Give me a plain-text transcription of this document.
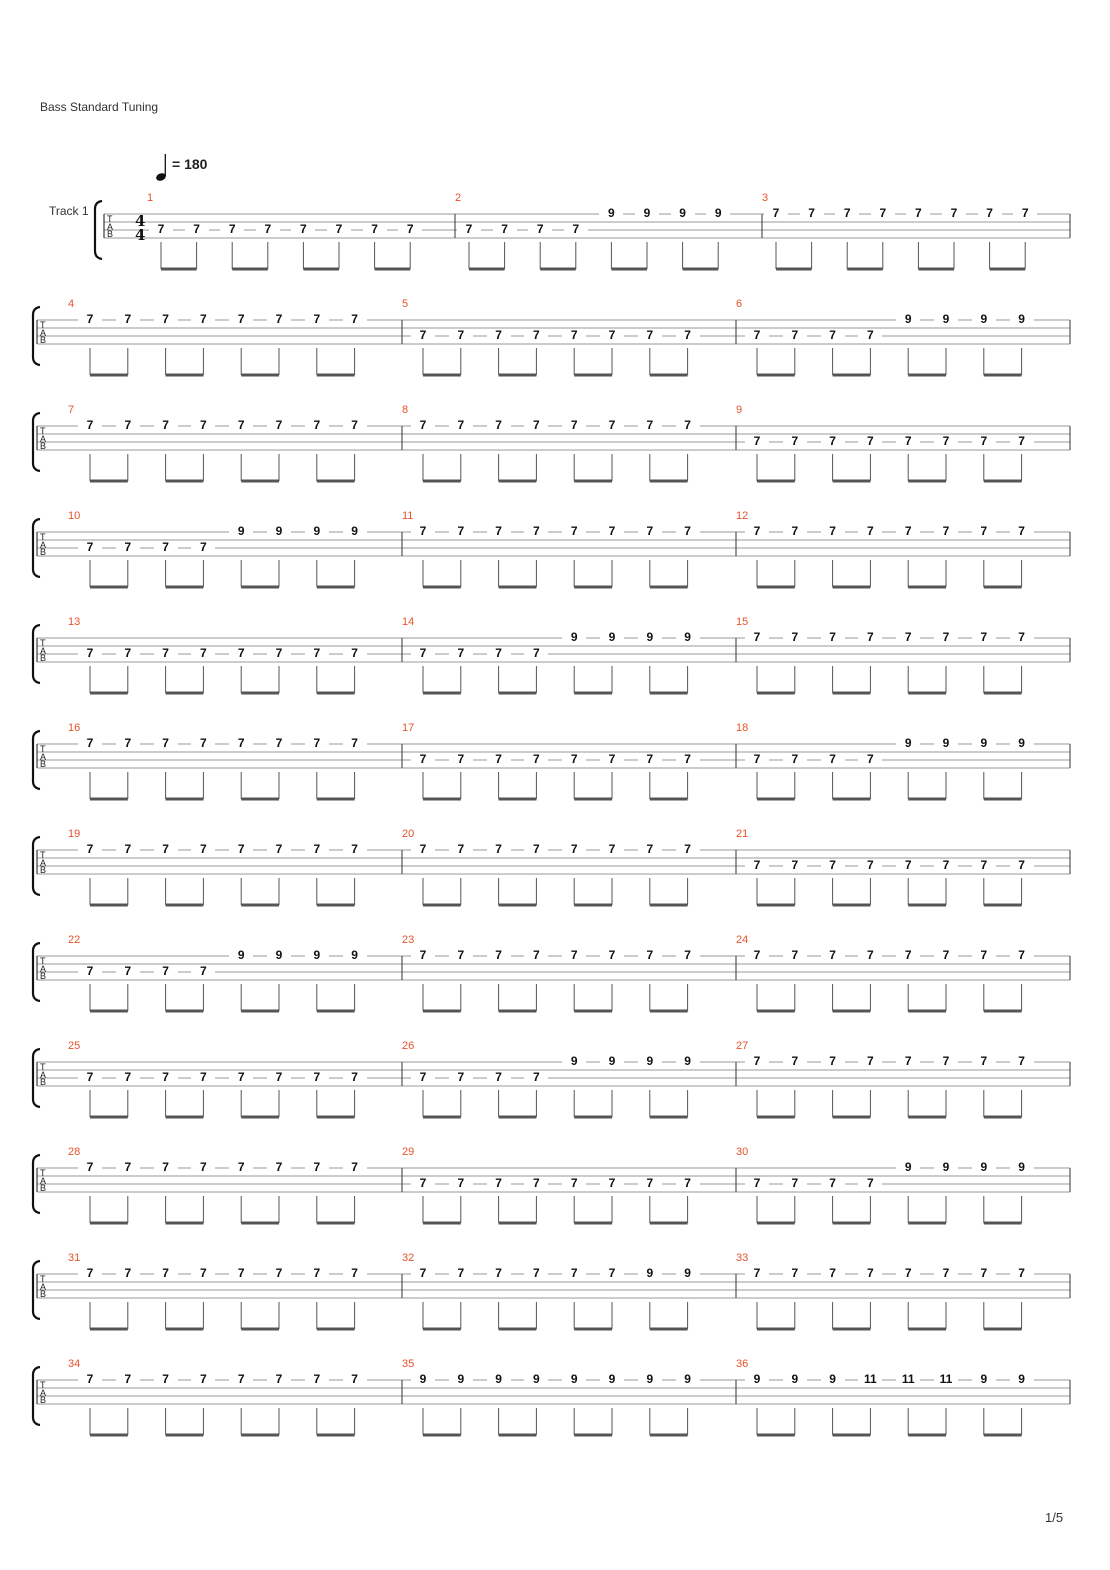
Bass Standard Tuning
= 180
Track 1
T
A
B
4
4
1
7	7	7	7	7	7	7	7
2
7	7	7	7
9	9	9	9
3
7	7	7	7	7	7	7	7
T
A
B
4
7	7	7	7	7	7	7	7
5
7	7	7	7	7	7	7	7
6
7	7	7	7
9	9	9	9
T
A
B
7
7	7	7	7	7	7	7	7
8
7	7	7	7	7	7	7	7
9
7	7	7	7	7	7	7	7
T
A
B
10
7	7	7	7
9	9	9	9
11
7	7	7	7	7	7	7	7
12
7	7	7	7	7	7	7	7
T
A
B
13
7	7	7	7	7	7	7	7
14
7	7	7	7
9	9	9	9
15
7	7	7	7	7	7	7	7
T
A
B
16
7	7	7	7	7	7	7	7
17
7	7	7	7	7	7	7	7
18
7	7	7	7
9	9	9	9
T
A
B
19
7	7	7	7	7	7	7	7
20
7	7	7	7	7	7	7	7
21
7	7	7	7	7	7	7	7
T
A
B
22
7	7	7	7
9	9	9	9
23
7	7	7	7	7	7	7	7
24
7	7	7	7	7	7	7	7
T
A
B
25
7	7	7	7	7	7	7	7
26
7	7	7	7
9	9	9	9
27
7	7	7	7	7	7	7	7
T
A
B
28
7	7	7	7	7	7	7	7
29
7	7	7	7	7	7	7	7
30
7	7	7	7
9	9	9	9
T
A
B
31
7	7	7	7	7	7	7	7
32
7	7	7	7	7	7	9	9
33
7	7	7	7	7	7	7	7
T
A
B
34
7	7	7	7	7	7	7	7
35
9	9	9	9	9	9	9	9
36
9	9	9	11	11	11	9	9
1/5
